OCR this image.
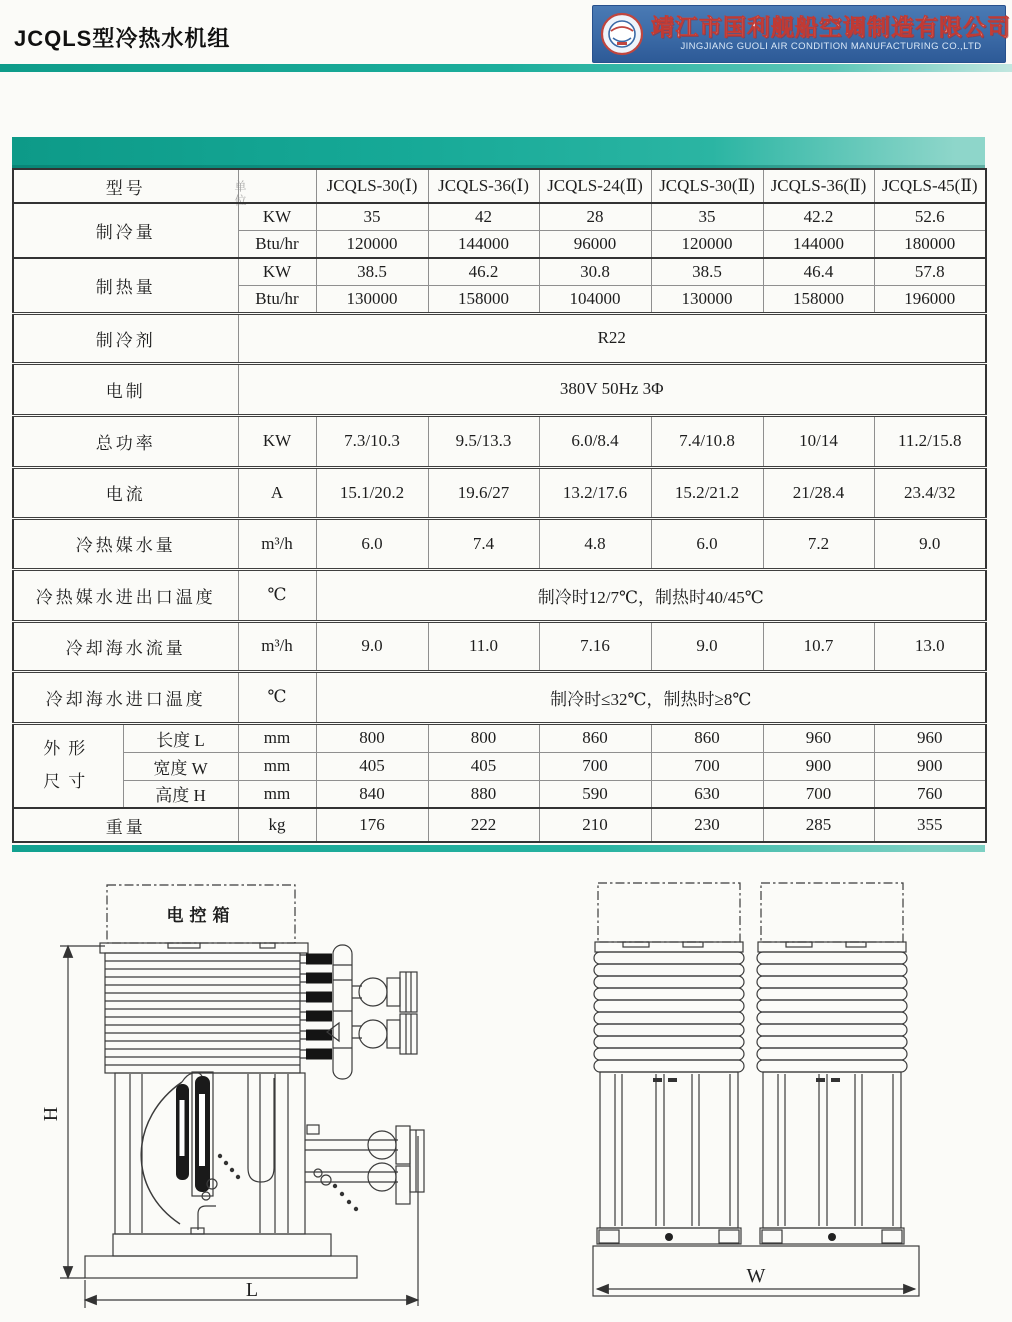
JCQLS型冷热水机组	靖江市国利舰船空调制造有限公司
JINGJIANG GUOLI AIR CONDITION MANUFACTURING CO.,LTD
单位
型号			JCQLS-30(Ⅰ)	JCQLS-36(Ⅰ)	JCQLS-24(Ⅱ)	JCQLS-30(Ⅱ)	JCQLS-36(Ⅱ)	JCQLS-45(Ⅱ)
制冷量		KW	35	42	28	35	42.2	52.6
		Btu/hr	120000	144000	96000	120000	144000	180000
制热量		KW	38.5	46.2	30.8	38.5	46.4	57.8
		Btu/hr	130000	158000	104000	130000	158000	196000
制冷剂		R22						
电制		380V 50Hz 3Φ						
总功率		KW	7.3/10.3	9.5/13.3	6.0/8.4	7.4/10.8	10/14	11.2/15.8
电流		A	15.1/20.2	19.6/27	13.2/17.6	15.2/21.2	21/28.4	23.4/32
冷热媒水量		m³/h	6.0	7.4	4.8	6.0	7.2	9.0
冷热媒水进出口温度		℃	制冷时12/7℃，制热时40/45℃					
冷却海水流量		m³/h	9.0	11.0	7.16	9.0	10.7	13.0
冷却海水进口温度		℃	制冷时≤32℃，制热时≥8℃					
外形
尺寸	长度 L	mm	800	800	860	860	960	960
	宽度 W	mm	405	405	700	700	900	900
	高度 H	mm	840	880	590	630	700	760
重量		kg	176	222	210	230	285	355
电控箱
H
L
W
